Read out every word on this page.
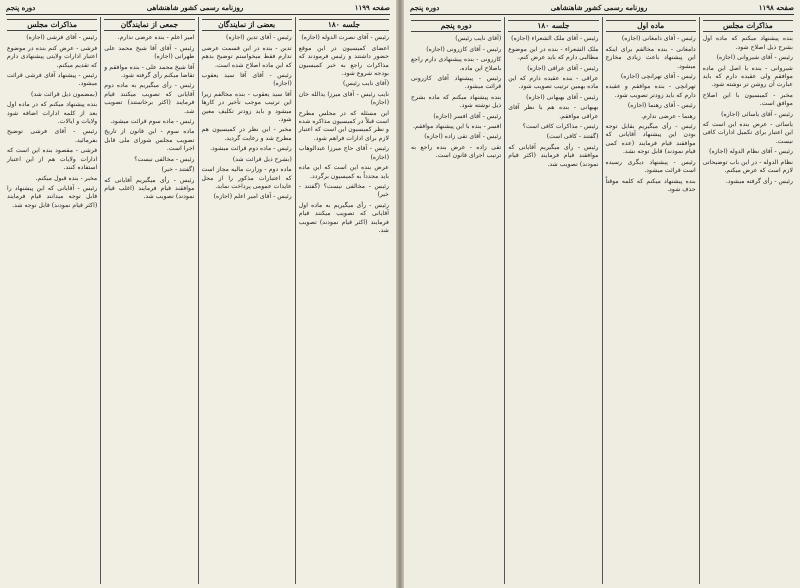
صفحه ۱۱۹۹
روزنامه رسمی کشور شاهنشاهی
دوره پنجم
جلسه ۱۸۰

رئیس - آقای نصرت الدوله (اجازه)

اعضای کمیسیون در این موقع حضور داشتند و رئیس فرمودند که مذاکرات راجع به خبر کمیسیون بودجه شروع شود.

(آقای نایب رئیس)

نایب رئیس - آقای میرزا یدالله خان (اجازه)

این مسئله که در مجلس مطرح است قبلاً در کمیسیون مذاکره شده و نظر کمیسیون این است که اعتبار لازم برای ادارات فراهم شود.

رئیس - آقای حاج میرزا عبدالوهاب (اجازه)

عرض بنده این است که این ماده باید مجدداً به کمیسیون برگردد.

رئیس - مخالفی نیست؟ (گفتند - خیر)

رئیس - رأی میگیریم به ماده اول آقایانی که تصویب میکنند قیام فرمایند (اکثر قیام نمودند) تصویب شد.

بعضی از نمایندگان

رئیس - آقای تدین (اجازه)

تدین - بنده در این قسمت عرضی ندارم فقط میخواستم توضیح بدهم که این ماده اصلاح شده است.

رئیس - آقای آقا سید یعقوب (اجازه)

آقا سید یعقوب - بنده مخالفم زیرا این ترتیب موجب تأخیر در کارها میشود و باید زودتر تکلیف معین شود.

مخبر - این نظر در کمیسیون هم مطرح شد و رعایت گردید.

رئیس - ماده دوم قرائت میشود.

(بشرح ذیل قرائت شد)

ماده دوم - وزارت مالیه مجاز است که اعتبارات مذکور را از محل عایدات عمومی پرداخت نماید.

رئیس - آقای امیر اعلم (اجازه)

جمعی از نمایندگان

امیر اعلم - بنده عرضی ندارم.

رئیس - آقای آقا شیخ محمد علی طهرانی (اجازه)

آقا شیخ محمد علی - بنده موافقم و تقاضا میکنم رأی گرفته شود.

رئیس - رأی میگیریم به ماده دوم آقایانی که تصویب میکنند قیام فرمایند (اکثر برخاستند) تصویب شد.

رئیس - ماده سوم قرائت میشود.

ماده سوم - این قانون از تاریخ تصویب مجلس شورای ملی قابل اجرا است.

رئیس - مخالفی نیست؟

(گفتند - خیر)

رئیس - رأی میگیریم آقایانی که موافقند قیام فرمایند (اغلب قیام نمودند) تصویب شد.

مذاکرات مجلس

رئیس - آقای فرشی (اجازه)

فرشی - عرض کنم بنده در موضوع اعتبار ادارات ولایتی پیشنهادی دارم که تقدیم میکنم.

رئیس - پیشنهاد آقای فرشی قرائت میشود.

(بمضمون ذیل قرائت شد)

بنده پیشنهاد میکنم که در ماده اول بعد از کلمه ادارات اضافه شود ولایات و ایالات.

رئیس - آقای فرشی توضیح بفرمائید.

فرشی - مقصود بنده این است که ادارات ولایات هم از این اعتبار استفاده کنند.

مخبر - بنده قبول میکنم.

رئیس - آقایانی که این پیشنهاد را قابل توجه میدانند قیام فرمایند (اکثر قیام نمودند) قابل توجه شد.

صفحه ۱۱۹۸
روزنامه رسمی کشور شاهنشاهی
دوره پنجم
مذاکرات مجلس

بنده پیشنهاد میکنم که ماده اول بشرح ذیل اصلاح شود.

رئیس - آقای شیروانی (اجازه)

شیروانی - بنده با اصل این ماده موافقم ولی عقیده دارم که باید عبارت آن روشن تر نوشته شود.

مخبر - کمیسیون با این اصلاح موافق است.

رئیس - آقای یاسائی (اجازه)

یاسائی - عرض بنده این است که این اعتبار برای تکمیل ادارات کافی نیست.

رئیس - آقای نظام الدوله (اجازه)

نظام الدوله - در این باب توضیحاتی لازم است که عرض میکنم.

رئیس - رأی گرفته میشود.

ماده اول

رئیس - آقای دامغانی (اجازه)

دامغانی - بنده مخالفم برای اینکه این پیشنهاد باعث زیادی مخارج میشود.

رئیس - آقای تهرانچی (اجازه)

تهرانچی - بنده موافقم و عقیده دارم که باید زودتر تصویب شود.

رئیس - آقای رهنما (اجازه)

رهنما - عرضی ندارم.

رئیس - رأی میگیریم بقابل توجه بودن این پیشنهاد آقایانی که موافقند قیام فرمایند (عده کمی قیام نمودند) قابل توجه نشد.

رئیس - پیشنهاد دیگری رسیده است قرائت میشود.

بنده پیشنهاد میکنم که کلمه موقتاً حذف شود.

جلسه ۱۸۰

رئیس - آقای ملک الشعراء (اجازه)

ملک الشعراء - بنده در این موضوع مطالبی دارم که باید عرض کنم.

رئیس - آقای عراقی (اجازه)

عراقی - بنده عقیده دارم که این ماده بهمین ترتیب تصویب شود.

رئیس - آقای بهبهانی (اجازه)

بهبهانی - بنده هم با نظر آقای عراقی موافقم.

رئیس - مذاکرات کافی است؟

(گفتند - کافی است)

رئیس - رأی میگیریم آقایانی که موافقند قیام فرمایند (اکثر قیام نمودند) تصویب شد.

دوره پنجم

(آقای نایب رئیس)

رئیس - آقای کازرونی (اجازه)

کازرونی - بنده پیشنهادی دارم راجع باصلاح این ماده.

رئیس - پیشنهاد آقای کازرونی قرائت میشود.

بنده پیشنهاد میکنم که ماده بشرح ذیل نوشته شود.

رئیس - آقای افسر (اجازه)

افسر - بنده با این پیشنهاد موافقم.

رئیس - آقای تقی زاده (اجازه)

تقی زاده - عرض بنده راجع به ترتیب اجرای قانون است.
